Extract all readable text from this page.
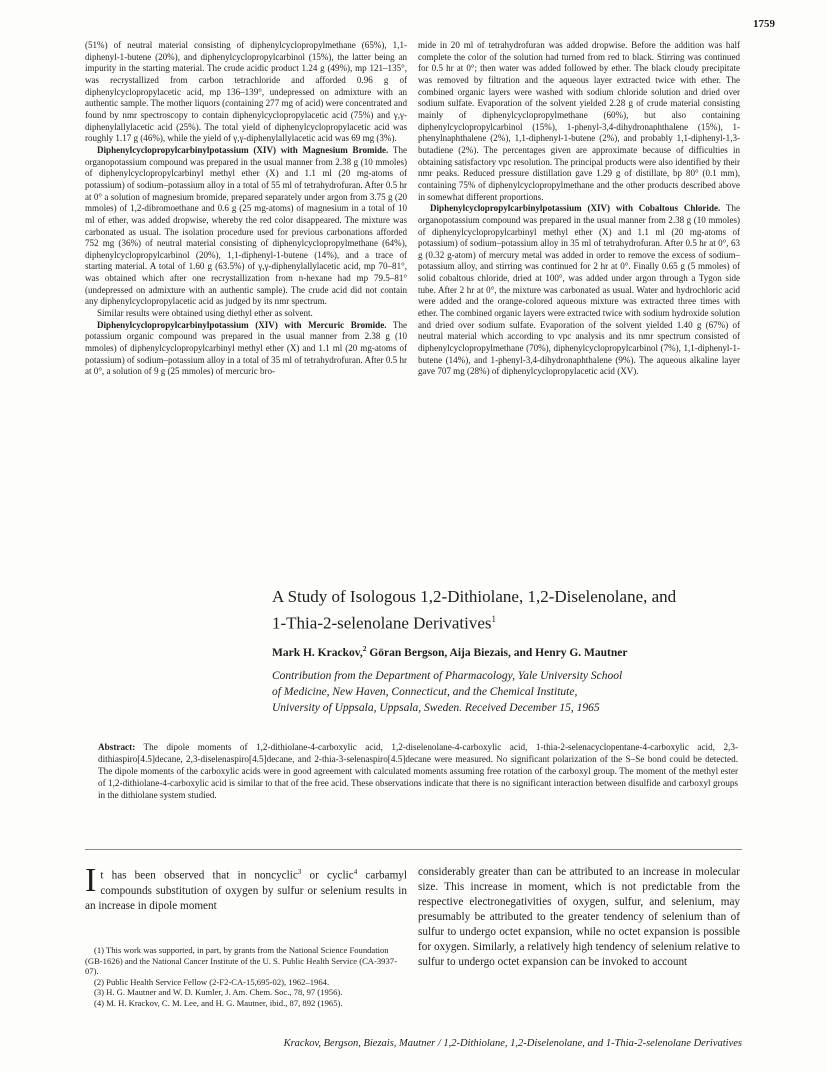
1759

(51%) of neutral material consisting of diphenylcyclopropylmethane (65%), 1,1-diphenyl-1-butene (20%), and diphenylcyclopropylcarbinol (15%), the latter being an impurity in the starting material. The crude acidic product 1.24 g (49%), mp 121–135°, was recrystallized from carbon tetrachloride and afforded 0.96 g of diphenylcyclopropylacetic acid, mp 136–139°, undepressed on admixture with an authentic sample. The mother liquors (containing 277 mg of acid) were concentrated and found by nmr spectroscopy to contain diphenylcyclopropylacetic acid (75%) and γ,γ-diphenylallylacetic acid (25%). The total yield of diphenylcyclopropylacetic acid was roughly 1.17 g (46%), while the yield of γ,γ-diphenylallylacetic acid was 69 mg (3%).

Diphenylcyclopropylcarbinylpotassium (XIV) with Magnesium Bromide. The organopotassium compound was prepared in the usual manner from 2.38 g (10 mmoles) of diphenylcyclopropylcarbinyl methyl ether (X) and 1.1 ml (20 mg-atoms of potassium) of sodium–potassium alloy in a total of 55 ml of tetrahydrofuran. After 0.5 hr at 0° a solution of magnesium bromide, prepared separately under argon from 3.75 g (20 mmoles) of 1,2-dibromoethane and 0.6 g (25 mg-atoms) of magnesium in a total of 10 ml of ether, was added dropwise, whereby the red color disappeared. The mixture was carbonated as usual. The isolation procedure used for previous carbonations afforded 752 mg (36%) of neutral material consisting of diphenylcyclopropylmethane (64%), diphenylcyclopropylcarbinol (20%), 1,1-diphenyl-1-butene (14%), and a trace of starting material. A total of 1.60 g (63.5%) of γ,γ-diphenylallylacetic acid, mp 70–81°, was obtained which after one recrystallization from n-hexane had mp 79.5–81° (undepressed on admixture with an authentic sample). The crude acid did not contain any diphenylcyclopropylacetic acid as judged by its nmr spectrum.

Similar results were obtained using diethyl ether as solvent.

Diphenylcyclopropylcarbinylpotassium (XIV) with Mercuric Bromide. The potassium organic compound was prepared in the usual manner from 2.38 g (10 mmoles) of diphenylcyclopropylcarbinyl methyl ether (X) and 1.1 ml (20 mg-atoms of potassium) of sodium–potassium alloy in a total of 35 ml of tetrahydrofuran. After 0.5 hr at 0°, a solution of 9 g (25 mmoles) of mercuric bro-

mide in 20 ml of tetrahydrofuran was added dropwise. Before the addition was half complete the color of the solution had turned from red to black. Stirring was continued for 0.5 hr at 0°; then water was added followed by ether. The black cloudy precipitate was removed by filtration and the aqueous layer extracted twice with ether. The combined organic layers were washed with sodium chloride solution and dried over sodium sulfate. Evaporation of the solvent yielded 2.28 g of crude material consisting mainly of diphenylcyclopropylmethane (60%), but also containing diphenylcyclopropylcarbinol (15%), 1-phenyl-3,4-dihydronaphthalene (15%), 1-phenylnaphthalene (2%), 1,1-diphenyl-1-butene (2%), and probably 1,1-diphenyl-1,3-butadiene (2%). The percentages given are approximate because of difficulties in obtaining satisfactory vpc resolution. The principal products were also identified by their nmr peaks. Reduced pressure distillation gave 1.29 g of distillate, bp 80° (0.1 mm), containing 75% of diphenylcyclopropylmethane and the other products described above in somewhat different proportions.

Diphenylcyclopropylcarbinylpotassium (XIV) with Cobaltous Chloride. The organopotassium compound was prepared in the usual manner from 2.38 g (10 mmoles) of diphenylcyclopropylcarbinyl methyl ether (X) and 1.1 ml (20 mg-atoms of potassium) of sodium–potassium alloy in 35 ml of tetrahydrofuran. After 0.5 hr at 0°, 63 g (0.32 g-atom) of mercury metal was added in order to remove the excess of sodium–potassium alloy, and stirring was continued for 2 hr at 0°. Finally 0.65 g (5 mmoles) of solid cobaltous chloride, dried at 100°, was added under argon through a Tygon side tube. After 2 hr at 0°, the mixture was carbonated as usual. Water and hydrochloric acid were added and the orange-colored aqueous mixture was extracted three times with ether. The combined organic layers were extracted twice with sodium hydroxide solution and dried over sodium sulfate. Evaporation of the solvent yielded 1.40 g (67%) of neutral material which according to vpc analysis and its nmr spectrum consisted of diphenylcyclopropylmethane (70%), diphenylcyclopropylcarbinol (7%), 1,1-diphenyl-1-butene (14%), and 1-phenyl-3,4-dihydronaphthalene (9%). The aqueous alkaline layer gave 707 mg (28%) of diphenylcyclopropylacetic acid (XV).

A Study of Isologous 1,2-Dithiolane, 1,2-Diselenolane, and
1-Thia-2-selenolane Derivatives$^1$
Mark H. Krackov,$^2$ Göran Bergson, Aija Biezais, and Henry G. Mautner
Contribution from the Department of Pharmacology, Yale University School
of Medicine, New Haven, Connecticut, and the Chemical Institute,
University of Uppsala, Uppsala, Sweden. Received December 15, 1965
Abstract: The dipole moments of 1,2-dithiolane-4-carboxylic acid, 1,2-diselenolane-4-carboxylic acid, 1-thia-2-selenacyclopentane-4-carboxylic acid, 2,3-dithiaspiro[4.5]decane, 2,3-diselenaspiro[4.5]decane, and 2-thia-3-selenaspiro[4.5]decane were measured. No significant polarization of the S–Se bond could be detected. The dipole moments of the carboxylic acids were in good agreement with calculated moments assuming free rotation of the carboxyl group. The moment of the methyl ester of 1,2-dithiolane-4-carboxylic acid is similar to that of the free acid. These observations indicate that there is no significant interaction between disulfide and carboxyl groups in the dithiolane system studied.
It has been observed that in noncyclic$^3$ or cyclic$^4$ carbamyl compounds substitution of oxygen by sulfur or selenium results in an increase in dipole moment
considerably greater than can be attributed to an increase in molecular size. This increase in moment, which is not predictable from the respective electronegativities of oxygen, sulfur, and selenium, may presumably be attributed to the greater tendency of selenium than of sulfur to undergo octet expansion, while no octet expansion is possible for oxygen. Similarly, a relatively high tendency of selenium relative to sulfur to undergo octet expansion can be invoked to account
(1) This work was supported, in part, by grants from the National Science Foundation (GB-1626) and the National Cancer Institute of the U. S. Public Health Service (CA-3937-07).
(2) Public Health Service Fellow (2-F2-CA-15,695-02), 1962–1964.
(3) H. G. Mautner and W. D. Kumler, J. Am. Chem. Soc., 78, 97 (1956).
(4) M. H. Krackov, C. M. Lee, and H. G. Mautner, ibid., 87, 892 (1965).
Krackov, Bergson, Biezais, Mautner / 1,2-Dithiolane, 1,2-Diselenolane, and 1-Thia-2-selenolane Derivatives
